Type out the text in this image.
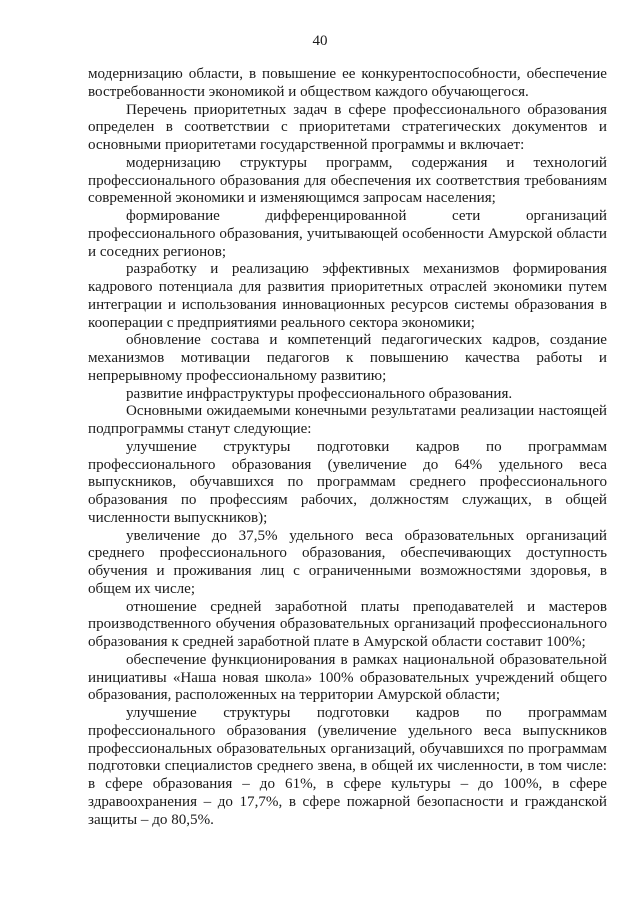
40

модернизацию области, в повышение ее конкурентоспособности, обеспечение востребованности экономикой и обществом каждого обучающегося.

Перечень приоритетных задач в сфере профессионального образования определен в соответствии с приоритетами стратегических документов и основными приоритетами государственной программы и включает:

модернизацию структуры программ, содержания и технологий профессионального образования для обеспечения их соответствия требованиям современной экономики и изменяющимся запросам населения;

формирование дифференцированной сети организаций профессионального образования, учитывающей особенности Амурской области и соседних регионов;

разработку и реализацию эффективных механизмов формирования кадрового потенциала для развития приоритетных отраслей экономики путем интеграции и использования инновационных ресурсов системы образования в кооперации с предприятиями реального сектора экономики;

обновление состава и компетенций педагогических кадров, создание механизмов мотивации педагогов к повышению качества работы и непрерывному профессиональному развитию;

развитие инфраструктуры профессионального образования.

Основными ожидаемыми конечными результатами реализации настоящей подпрограммы станут следующие:

улучшение структуры подготовки кадров по программам профессионального образования (увеличение до 64% удельного веса выпускников, обучавшихся по программам среднего профессионального образования по профессиям рабочих, должностям служащих, в общей численности выпускников);

увеличение до 37,5% удельного веса образовательных организаций среднего профессионального образования, обеспечивающих доступность обучения и проживания лиц с ограниченными возможностями здоровья, в общем их числе;

отношение средней заработной платы преподавателей и мастеров производственного обучения образовательных организаций профессионального образования к средней заработной плате в Амурской области составит 100%;

обеспечение функционирования в рамках национальной образовательной инициативы «Наша новая школа» 100% образовательных учреждений общего образования, расположенных на территории Амурской области;

улучшение структуры подготовки кадров по программам профессионального образования (увеличение удельного веса выпускников профессиональных образовательных организаций, обучавшихся по программам подготовки специалистов среднего звена, в общей их численности, в том числе: в сфере образования – до 61%, в сфере культуры – до 100%, в сфере здравоохранения – до 17,7%, в сфере пожарной безопасности и гражданской защиты – до 80,5%.
